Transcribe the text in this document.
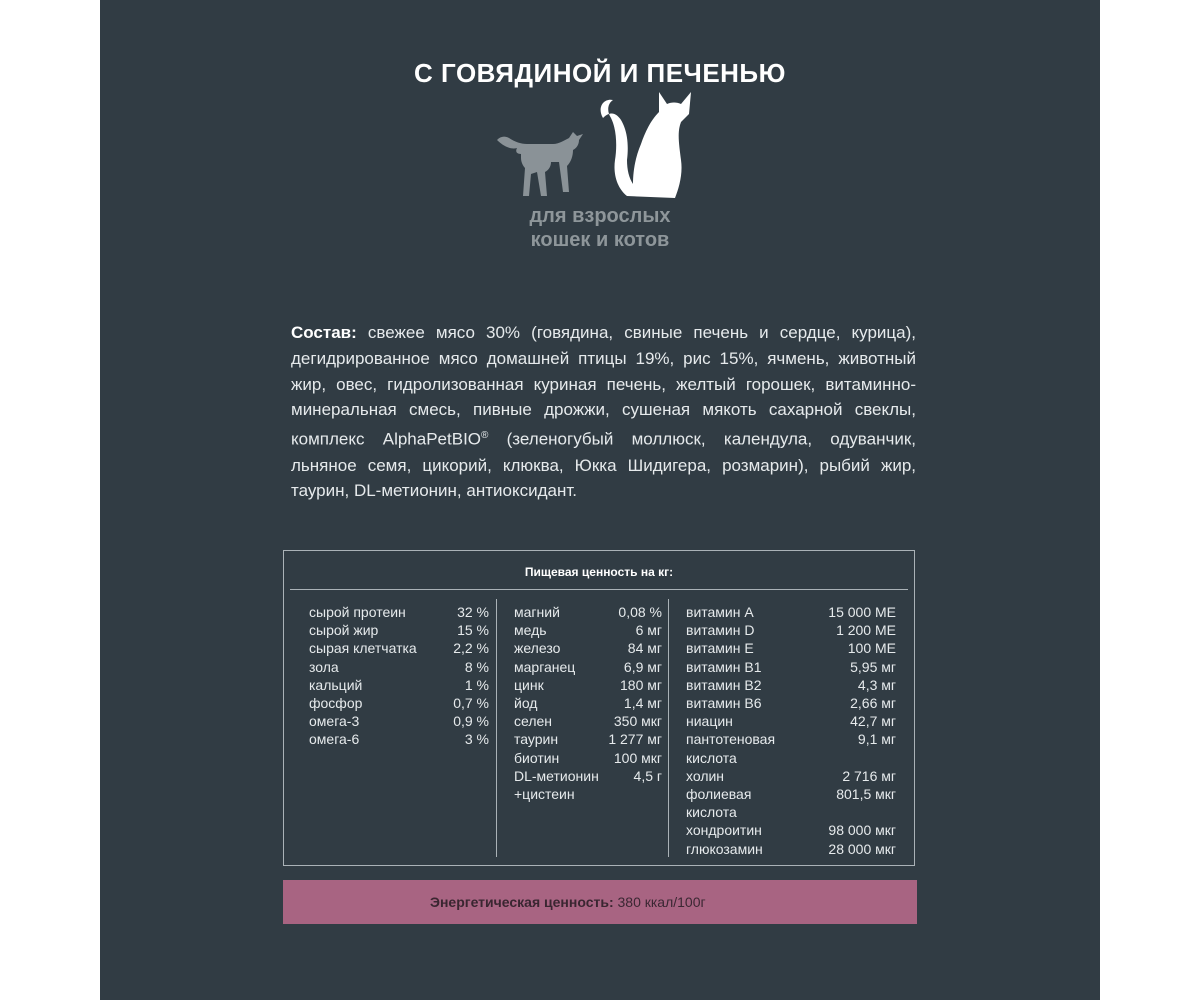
С ГОВЯДИНОЙ И ПЕЧЕНЬЮ
для взрослых
кошек и котов
Состав: свежее мясо 30% (говядина, свиные печень и сердце, курица), дегидрированное мясо домашней птицы 19%, рис 15%, ячмень, животный жир, овес, гидролизованная куриная печень, желтый горошек, витаминно-минеральная смесь, пивные дрожжи, сушеная мякоть сахарной свеклы, комплекс AlphaPetBIO® (зеленогубый моллюск, календула, одуванчик, льняное семя, цикорий, клюква, Юкка Шидигера, розмарин), рыбий жир, таурин, DL-метионин, антиоксидант.
Пищевая ценность на кг:
сырой протеин	32 %
сырой жир	15 %
сырая клетчатка	2,2 %
зола	8 %
кальций	1 %
фосфор	0,7 %
омега-3	0,9 %
омега-6	3 %
магний	0,08 %
медь	6 мг
железо	84 мг
марганец	6,9 мг
цинк	180 мг
йод	1,4 мг
селен	350 мкг
таурин	1 277 мг
биотин	100 мкг
DL-метионин 4,5 г
+цистеин
витамин А	15 000 МЕ
витамин D	1 200 МЕ
витамин Е	100 МЕ
витамин В1	5,95 мг
витамин В2	4,3 мг
витамин В6	2,66 мг
ниацин	42,7 мг
пантотеновая	9,1 мг
кислота
холин	2 716 мг
фолиевая	801,5 мкг
кислота
хондроитин	98 000 мкг
глюкозамин	28 000 мкг
Энергетическая ценность: 380 ккал/100г
